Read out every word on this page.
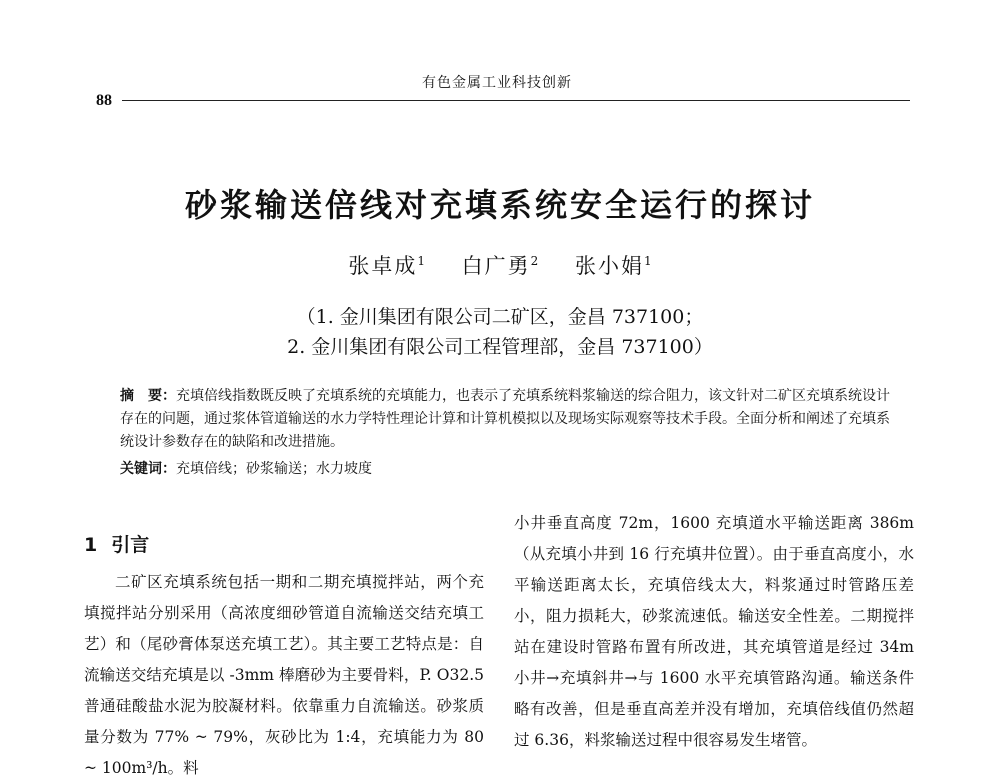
有色金属工业科技创新
88
砂浆输送倍线对充填系统安全运行的探讨
张卓成$^1$ 白广勇$^2$ 张小娟$^1$
（1. 金川集团有限公司二矿区，金昌 737100；
2. 金川集团有限公司工程管理部，金昌 737100）
摘　要：充填倍线指数既反映了充填系统的充填能力，也表示了充填系统料浆输送的综合阻力，该文针对二矿区充填系统设计存在的问题，通过浆体管道输送的水力学特性理论计算和计算机模拟以及现场实际观察等技术手段。全面分析和阐述了充填系统设计参数存在的缺陷和改进措施。
关键词：充填倍线；砂浆输送；水力坡度
1 引言
二矿区充填系统包括一期和二期充填搅拌站，两个充填搅拌站分别采用（高浓度细砂管道自流输送交结充填工艺）和（尾砂膏体泵送充填工艺）。其主要工艺特点是：自流输送交结充填是以 -3mm 棒磨砂为主要骨料，P. O32.5 普通硅酸盐水泥为胶凝材料。依靠重力自流输送。砂浆质量分数为 77% ~ 79%，灰砂比为 1:4，充填能力为 80 ~ 100m³/h。料
小井垂直高度 72m，1600 充填道水平输送距离 386m（从充填小井到 16 行充填井位置）。由于垂直高度小，水平输送距离太长，充填倍线太大，料浆通过时管路压差小，阻力损耗大，砂浆流速低。输送安全性差。二期搅拌站在建设时管路布置有所改进，其充填管道是经过 34m 小井→充填斜井→与 1600 水平充填管路沟通。输送条件略有改善，但是垂直高差并没有增加，充填倍线值仍然超过 6.36，料浆输送过程中很容易发生堵管。
